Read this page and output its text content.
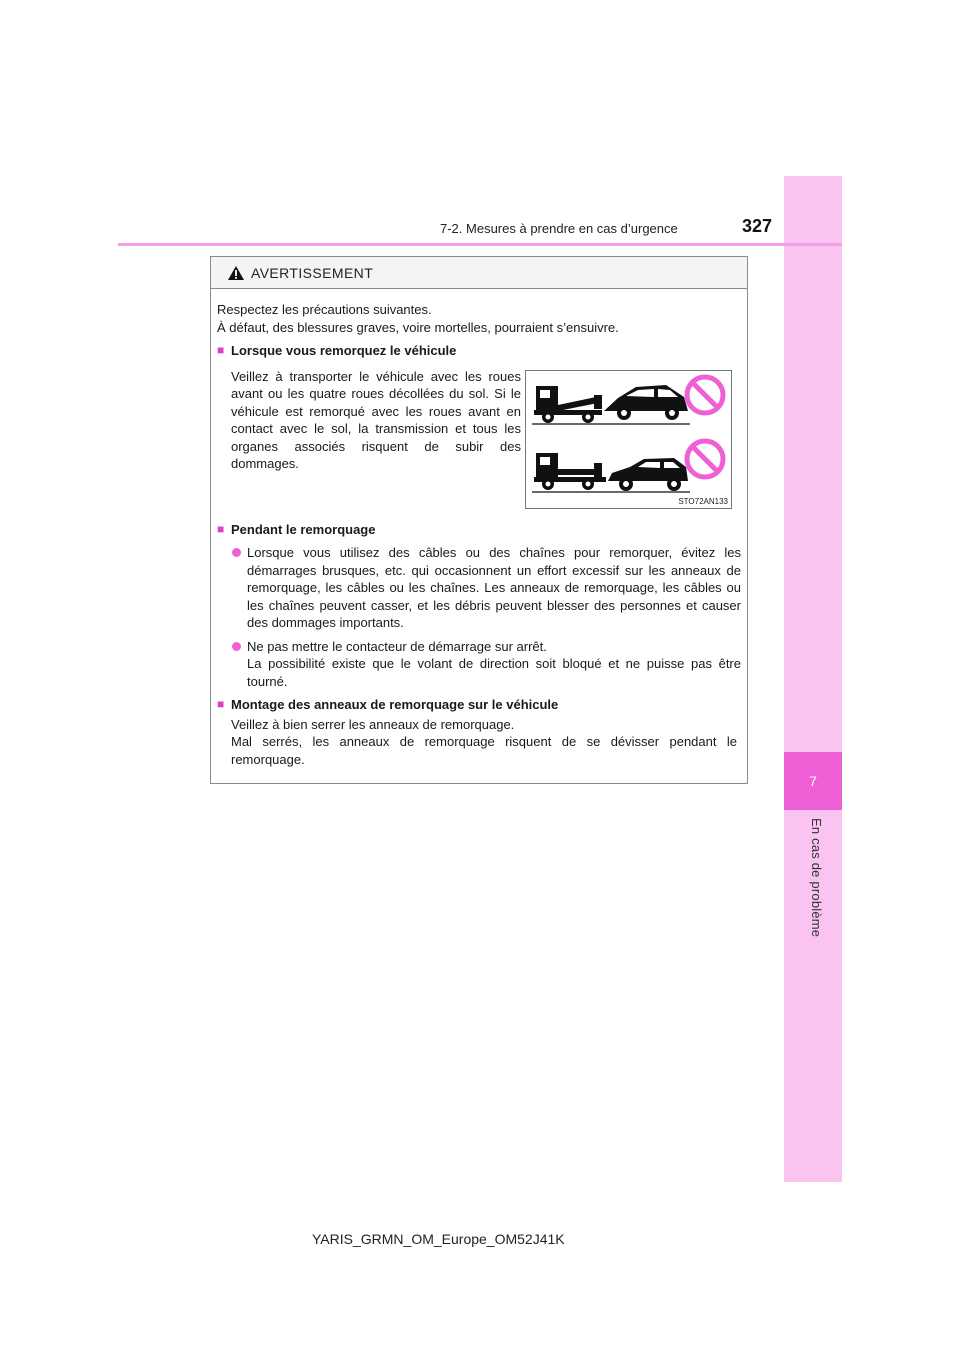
7
En cas de problème
7-2. Mesures à prendre en cas d’urgence	327
AVERTISSEMENT

Respectez les précautions suivantes.

À défaut, des blessures graves, voire mortelles, pourraient s’ensuivre.

■ Lorsque vous remorquez le véhicule
Veillez à transporter le véhicule avec les roues avant ou les quatre roues décollées du sol. Si le véhicule est remorqué avec les roues avant en contact avec le sol, la transmission et tous les organes associés risquent de subir des dommages.
■ Pendant le remorquage
Lorsque vous utilisez des câbles ou des chaînes pour remorquer, évitez les démarrages brusques, etc. qui occasionnent un effort excessif sur les anneaux de remorquage, les câbles ou les chaînes. Les anneaux de remorquage, les câbles ou les chaînes peuvent casser, et les débris peuvent blesser des personnes et causer des dommages importants.
Ne pas mettre le contacteur de démarrage sur arrêt.
La possibilité existe que le volant de direction soit bloqué et ne puisse pas être tourné.
■ Montage des anneaux de remorquage sur le véhicule

Veillez à bien serrer les anneaux de remorquage.

Mal serrés, les anneaux de remorquage risquent de se dévisser pendant le remorquage.

STO72AN133
YARIS_GRMN_OM_Europe_OM52J41K
